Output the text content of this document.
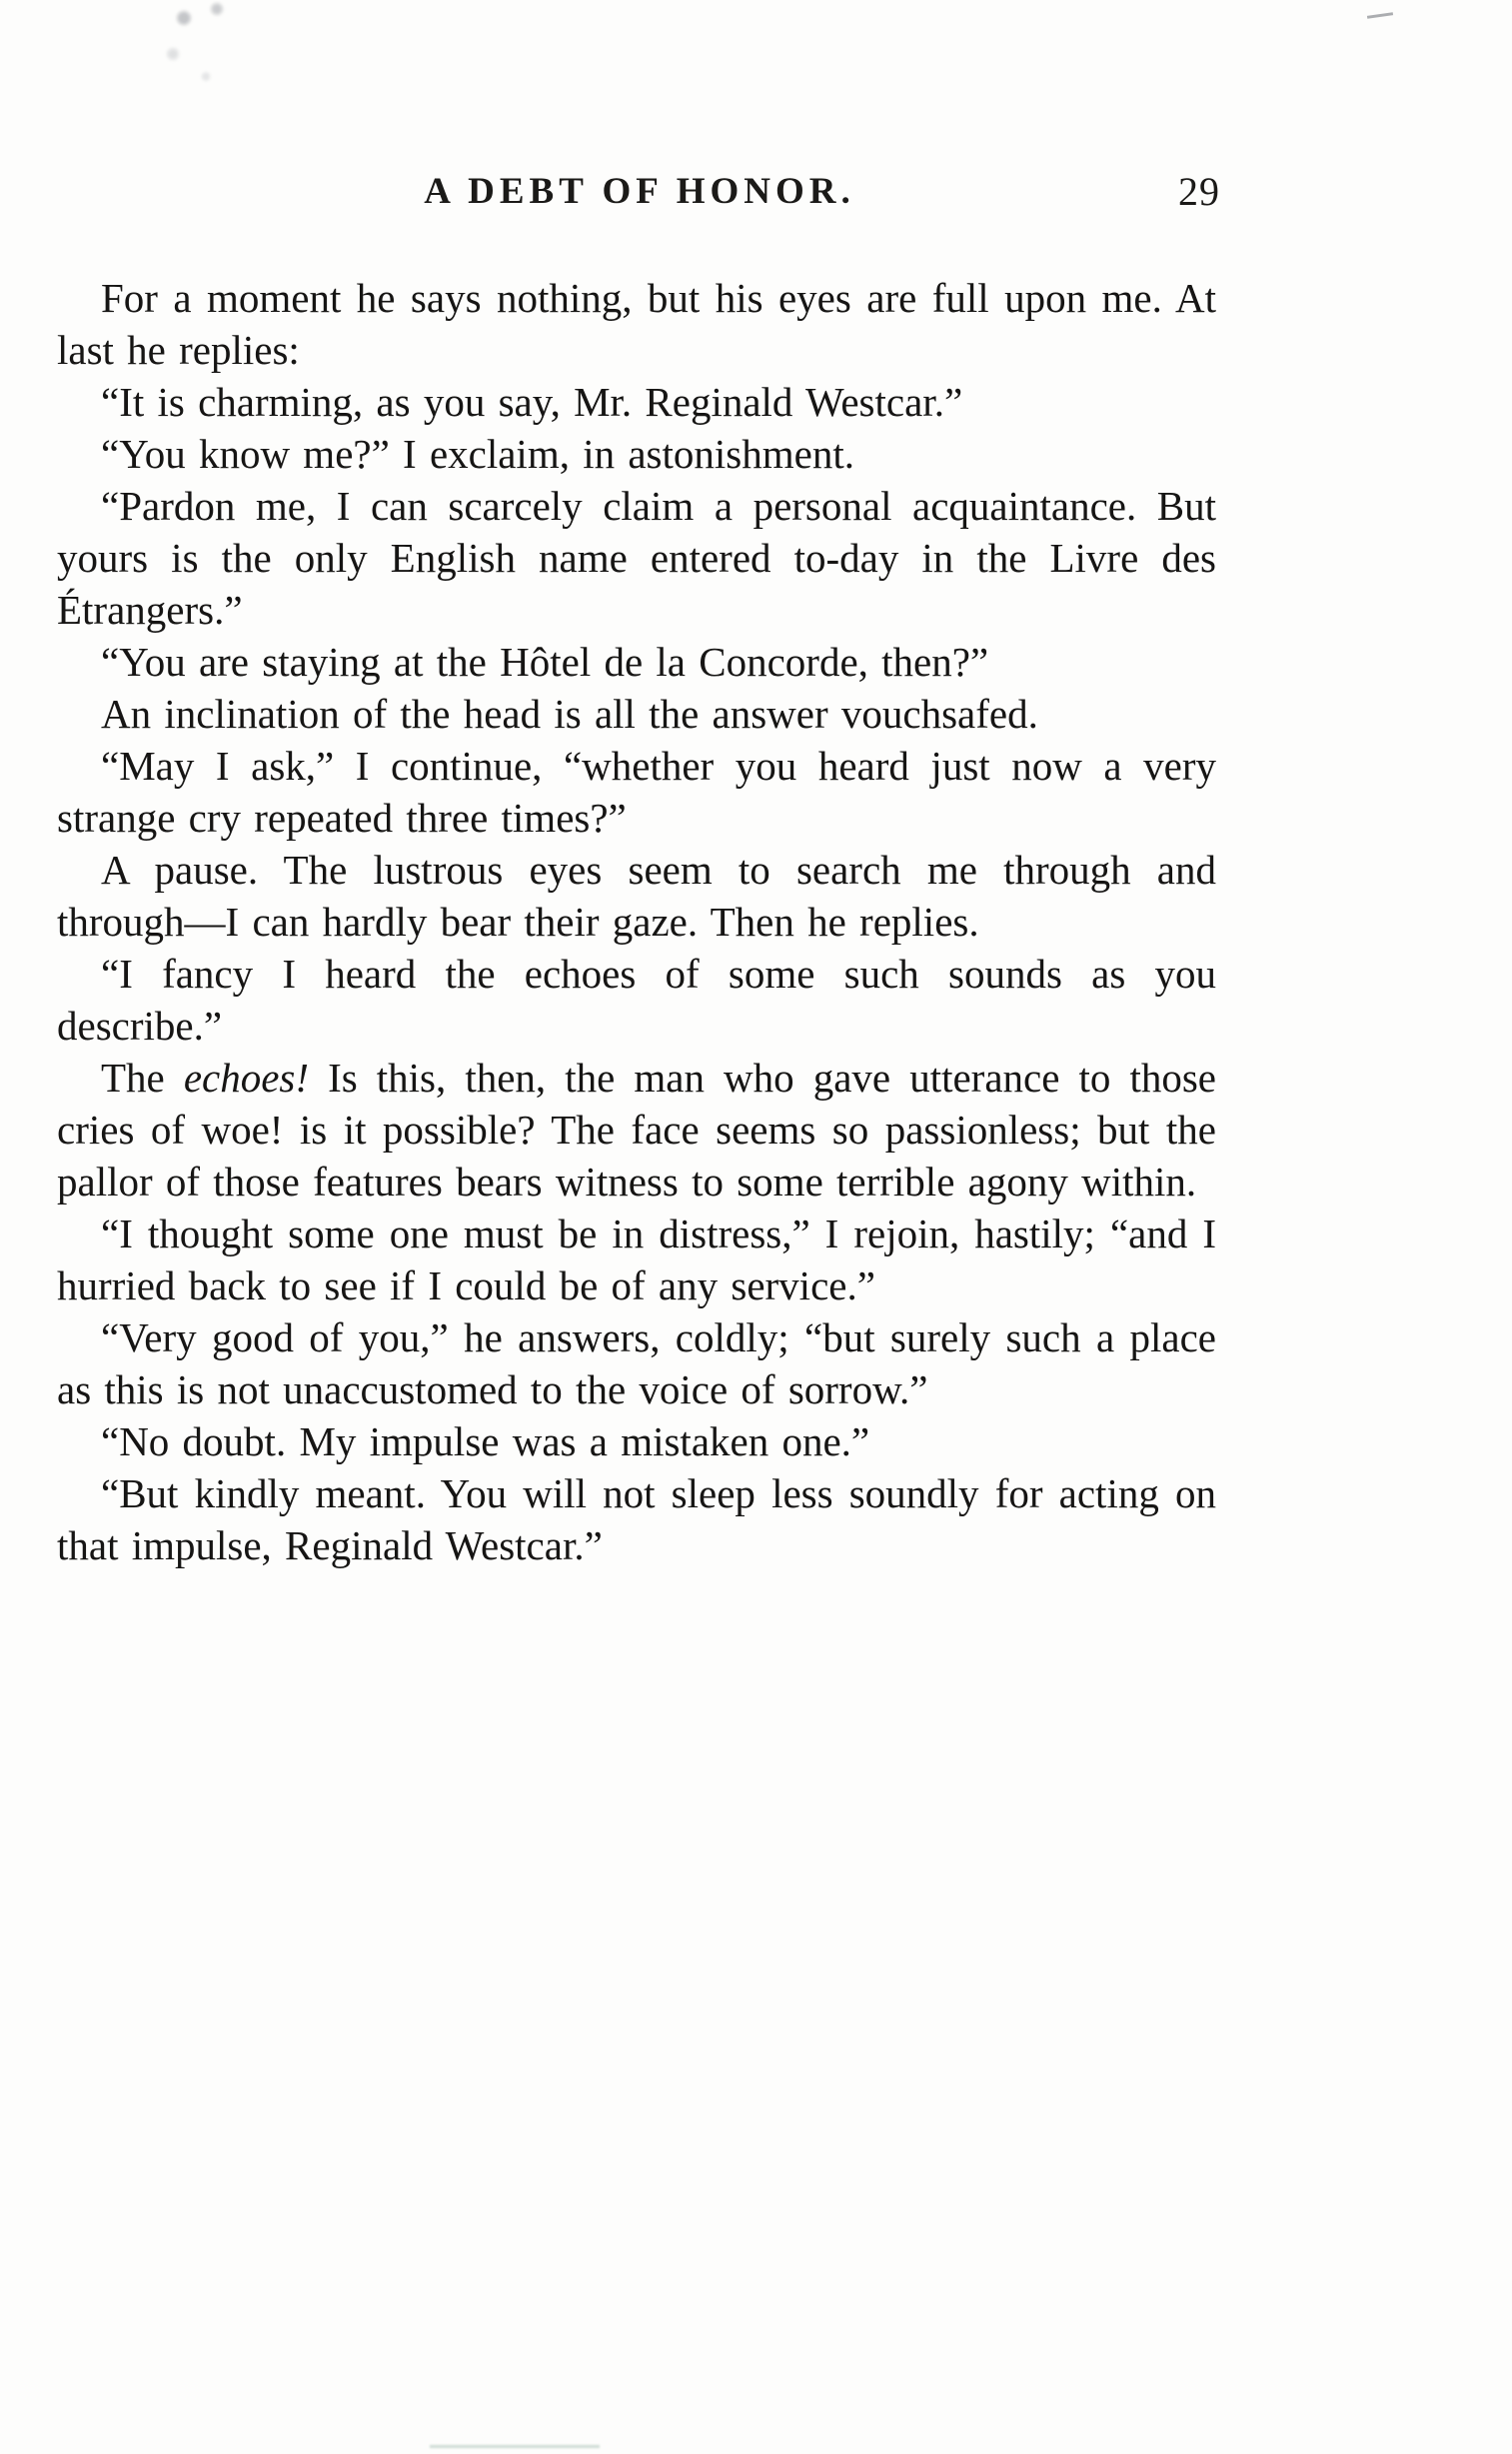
A DEBT OF HONOR.	29

For a moment he says nothing, but his eyes are full upon me. At last he replies:

“It is charming, as you say, Mr. Reginald Westcar.”

“You know me?” I exclaim, in astonishment.

“Pardon me, I can scarcely claim a personal acquaintance. But yours is the only English name entered to-day in the Livre des Étrangers.”

“You are staying at the Hôtel de la Concorde, then?”

An inclination of the head is all the answer vouchsafed.

“May I ask,” I continue, “whether you heard just now a very strange cry repeated three times?”

A pause. The lustrous eyes seem to search me through and through—I can hardly bear their gaze. Then he replies.

“I fancy I heard the echoes of some such sounds as you describe.”

The echoes! Is this, then, the man who gave utterance to those cries of woe! is it possible? The face seems so passionless; but the pallor of those features bears witness to some terrible agony within.

“I thought some one must be in distress,” I rejoin, hastily; “and I hurried back to see if I could be of any service.”

“Very good of you,” he answers, coldly; “but surely such a place as this is not unaccustomed to the voice of sorrow.”

“No doubt. My impulse was a mistaken one.”

“But kindly meant. You will not sleep less soundly for acting on that impulse, Reginald Westcar.”
